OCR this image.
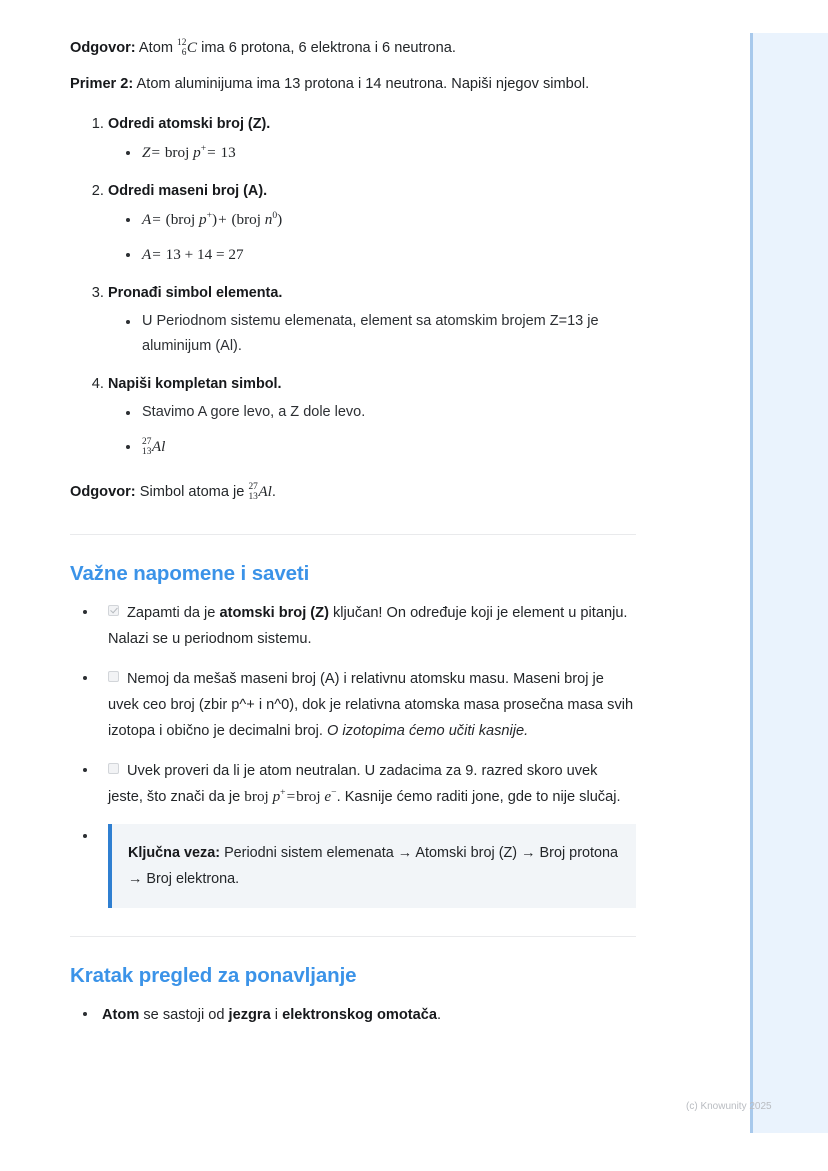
Odgovor: Atom 12
6 C ima 6 protona, 6 elektrona i 6 neutrona.

Primer 2: Atom aluminijuma ima 13 protona i 14 neutrona. Napiši njegov simbol.

1. Odredi atomski broj (Z).
Z= broj p+= 13
2. Odredi maseni broj (A).
A= (broj p+)+ (broj $n^0$)
A= 13 + 14 = 27
3. Pronađi simbol elementa.
U Periodnom sistemu elemenata, element sa atomskim brojem Z=13 je aluminijum (Al).
4. Napiši kompletan simbol.
Stavimo A gore levo, a Z dole levo.
27
13 Al

Odgovor: Simbol atoma je 27
13 Al.

Važne napomene i saveti
Zapamti da je atomski broj (Z) ključan! On određuje koji je element u pitanju. Nalazi se u periodnom sistemu.
Nemoj da mešaš maseni broj (A) i relativnu atomsku masu. Maseni broj je uvek ceo broj (zbir p^+ i n^0), dok je relativna atomska masa prosečna masa svih izotopa i obično je decimalni broj. O izotopima ćemo učiti kasnije.
Uvek proveri da li je atom neutralan. U zadacima za 9. razred skoro uvek jeste, što znači da je broj p+=broj e−. Kasnije ćemo raditi jone, gde to nije slučaj.

Ključna veza: Periodni sistem elemenata → Atomski broj (Z) → Broj protona → Broj elektrona.

Kratak pregled za ponavljanje
Atom se sastoji od jezgra i elektronskog omotača.
(c) Knowunity 2025
